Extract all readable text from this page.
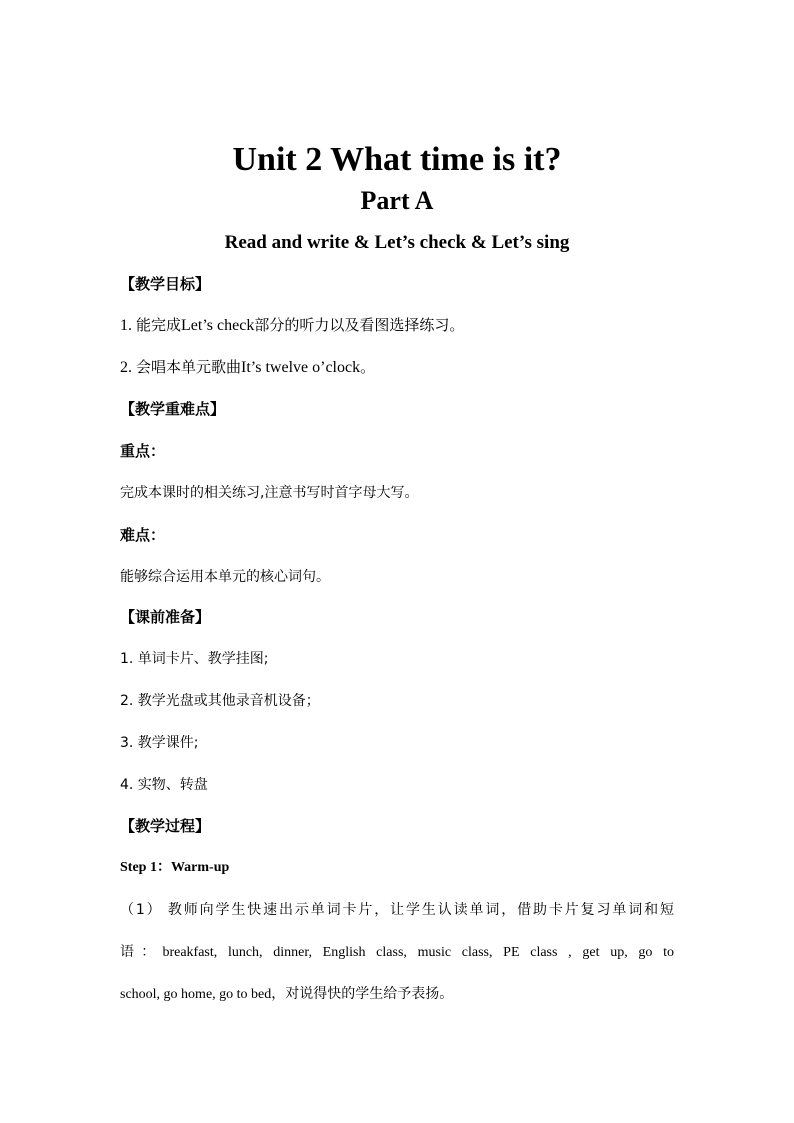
Unit 2 What time is it?
Part A
Read and write & Let’s check & Let’s sing
【教学目标】
1. 能完成Let’s check部分的听力以及看图选择练习。
2. 会唱本单元歌曲It’s twelve o’clock。
【教学重难点】
重点：
完成本课时的相关练习,注意书写时首字母大写。
难点：
能够综合运用本单元的核心词句。
【课前准备】
1. 单词卡片、教学挂图;
2. 教学光盘或其他录音机设备；
3. 教学课件;
4. 实物、转盘
【教学过程】
Step 1：Warm-up
（1） 教师向学生快速出示单词卡片，让学生认读单词，借助卡片复习单词和短
语：breakfast, lunch, dinner, English class, music class, PE class , get up, go to
school, go home, go to bed，对说得快的学生给予表扬。
